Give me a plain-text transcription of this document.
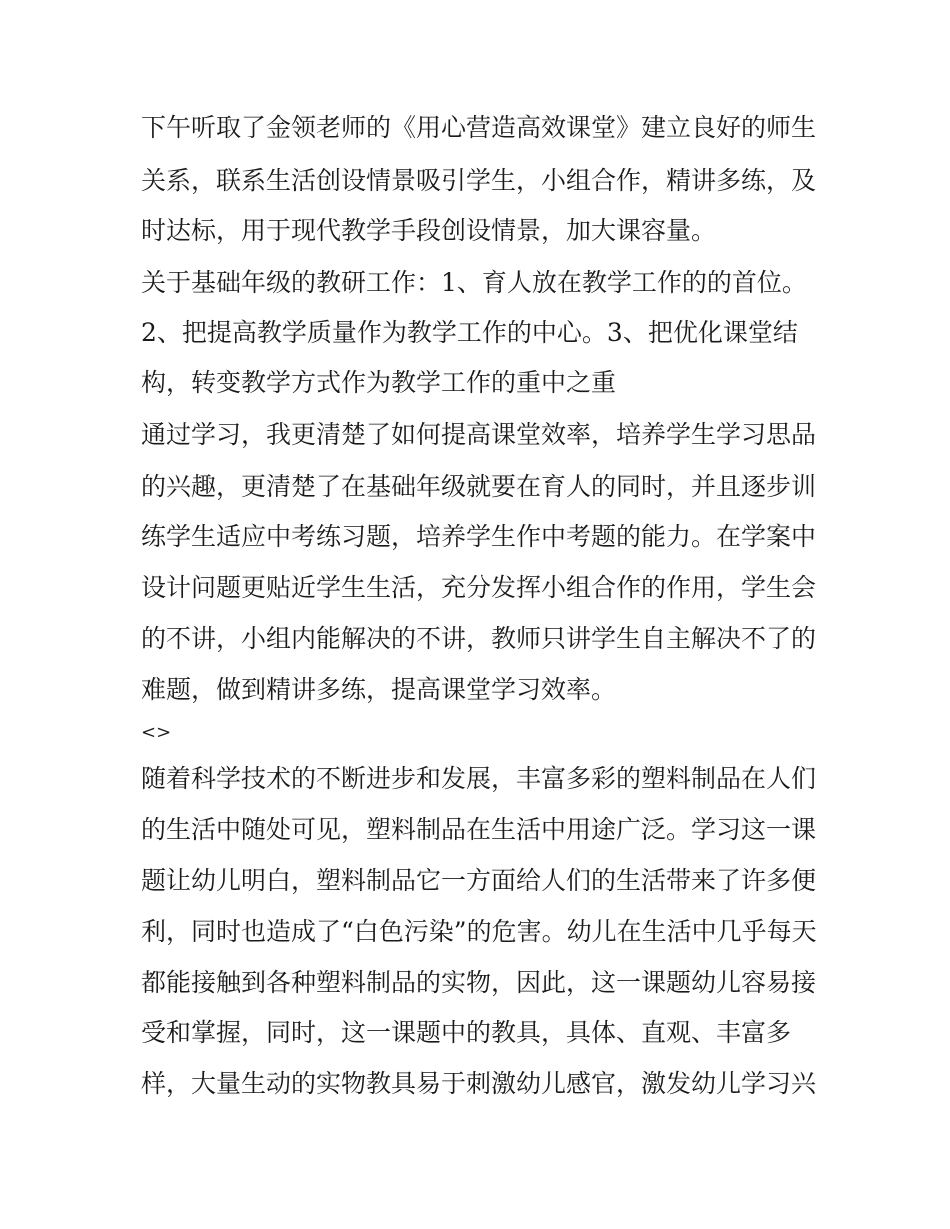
下午听取了金领老师的《用心营造高效课堂》建立良好的师生
关系，联系生活创设情景吸引学生，小组合作，精讲多练，及
时达标，用于现代教学手段创设情景，加大课容量。
关于基础年级的教研工作：1、育人放在教学工作的的首位。
2、把提高教学质量作为教学工作的中心。3、把优化课堂结
构，转变教学方式作为教学工作的重中之重
通过学习，我更清楚了如何提高课堂效率，培养学生学习思品
的兴趣，更清楚了在基础年级就要在育人的同时，并且逐步训
练学生适应中考练习题，培养学生作中考题的能力。在学案中
设计问题更贴近学生生活，充分发挥小组合作的作用，学生会
的不讲，小组内能解决的不讲，教师只讲学生自主解决不了的
难题，做到精讲多练，提高课堂学习效率。
<>
随着科学技术的不断进步和发展，丰富多彩的塑料制品在人们
的生活中随处可见，塑料制品在生活中用途广泛。学习这一课
题让幼儿明白，塑料制品它一方面给人们的生活带来了许多便
利，同时也造成了“白色污染”的危害。幼儿在生活中几乎每天
都能接触到各种塑料制品的实物，因此，这一课题幼儿容易接
受和掌握，同时，这一课题中的教具，具体、直观、丰富多
样，大量生动的实物教具易于刺激幼儿感官，激发幼儿学习兴
